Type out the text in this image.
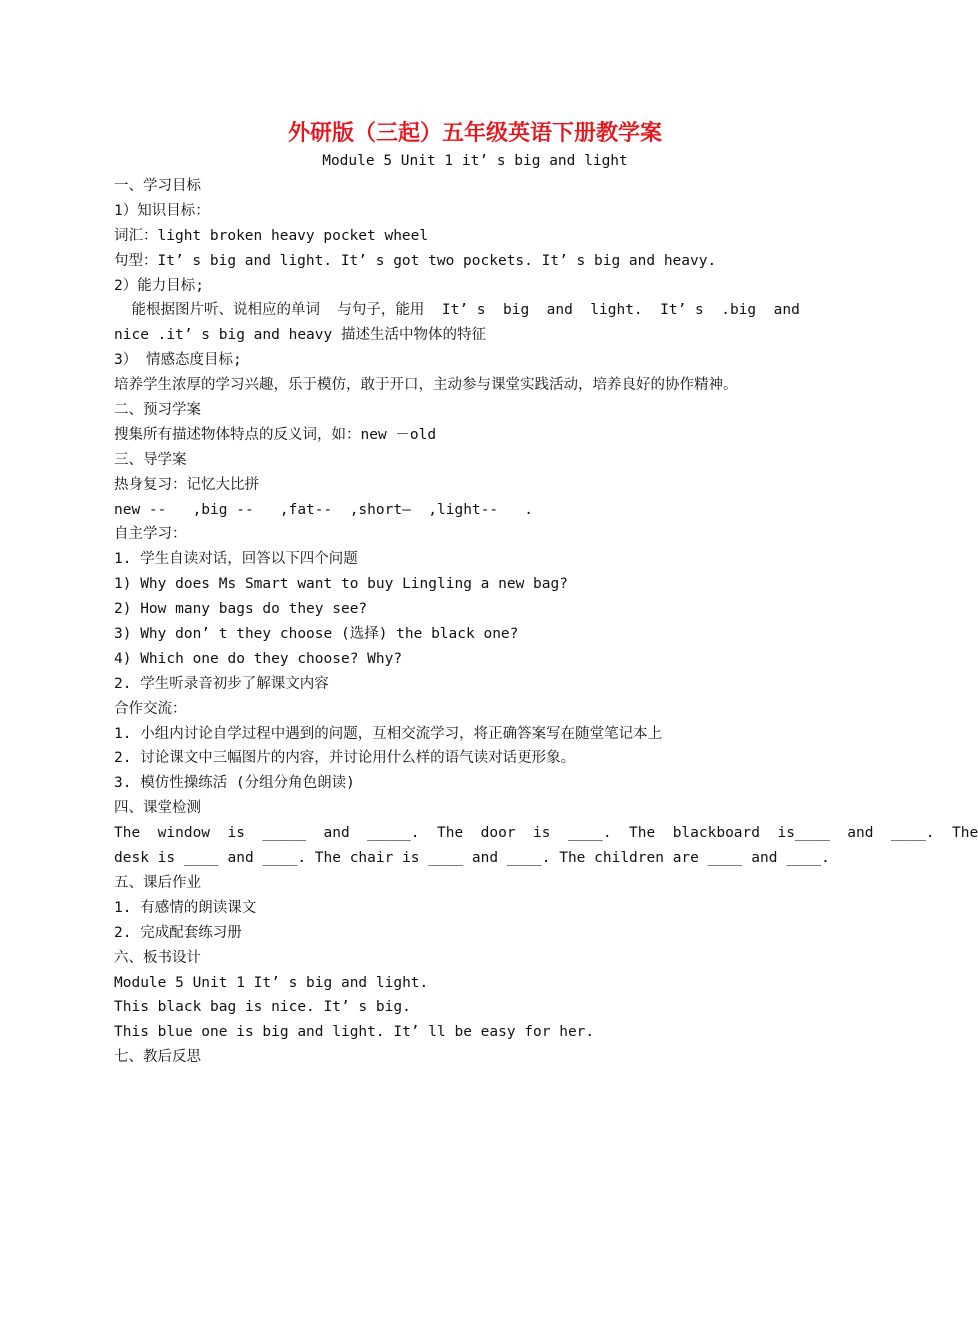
外研版（三起）五年级英语下册教学案
Module 5 Unit 1 it’ s big and light
一、学习目标
1）知识目标：
词汇：light broken heavy pocket wheel
句型：It’ s big and light. It’ s got two pockets. It’ s big and heavy.
2）能力目标;
能根据图片听、说相应的单词  与句子，能用  It’ s  big  and  light.  It’ s  .big  and
nice .it’ s big and heavy 描述生活中物体的特征
3） 情感态度目标;
培养学生浓厚的学习兴趣，乐于模仿，敢于开口，主动参与课堂实践活动，培养良好的协作精神。
二、预习学案
搜集所有描述物体特点的反义词，如：new －old
三、导学案
热身复习：记忆大比拼
new --   ,big --   ,fat--  ,short—  ,light--   .
自主学习：
1. 学生自读对话，回答以下四个问题
1) Why does Ms Smart want to buy Lingling a new bag?
2) How many bags do they see?
3) Why don’ t they choose (选择) the black one?
4) Which one do they choose? Why?
2. 学生听录音初步了解课文内容
合作交流：
1. 小组内讨论自学过程中遇到的问题，互相交流学习，将正确答案写在随堂笔记本上
2. 讨论课文中三幅图片的内容，并讨论用什么样的语气读对话更形象。
3. 模仿性操练活 (分组分角色朗读)
四、课堂检测
The  window  is  _____  and  _____.  The  door  is  ____.  The  blackboard  is____  and  ____.  The
desk is ____ and ____. The chair is ____ and ____. The children are ____ and ____.
五、课后作业
1. 有感情的朗读课文
2. 完成配套练习册
六、板书设计
Module 5 Unit 1 It’ s big and light.
This black bag is nice. It’ s big.
This blue one is big and light. It’ ll be easy for her.
七、教后反思
